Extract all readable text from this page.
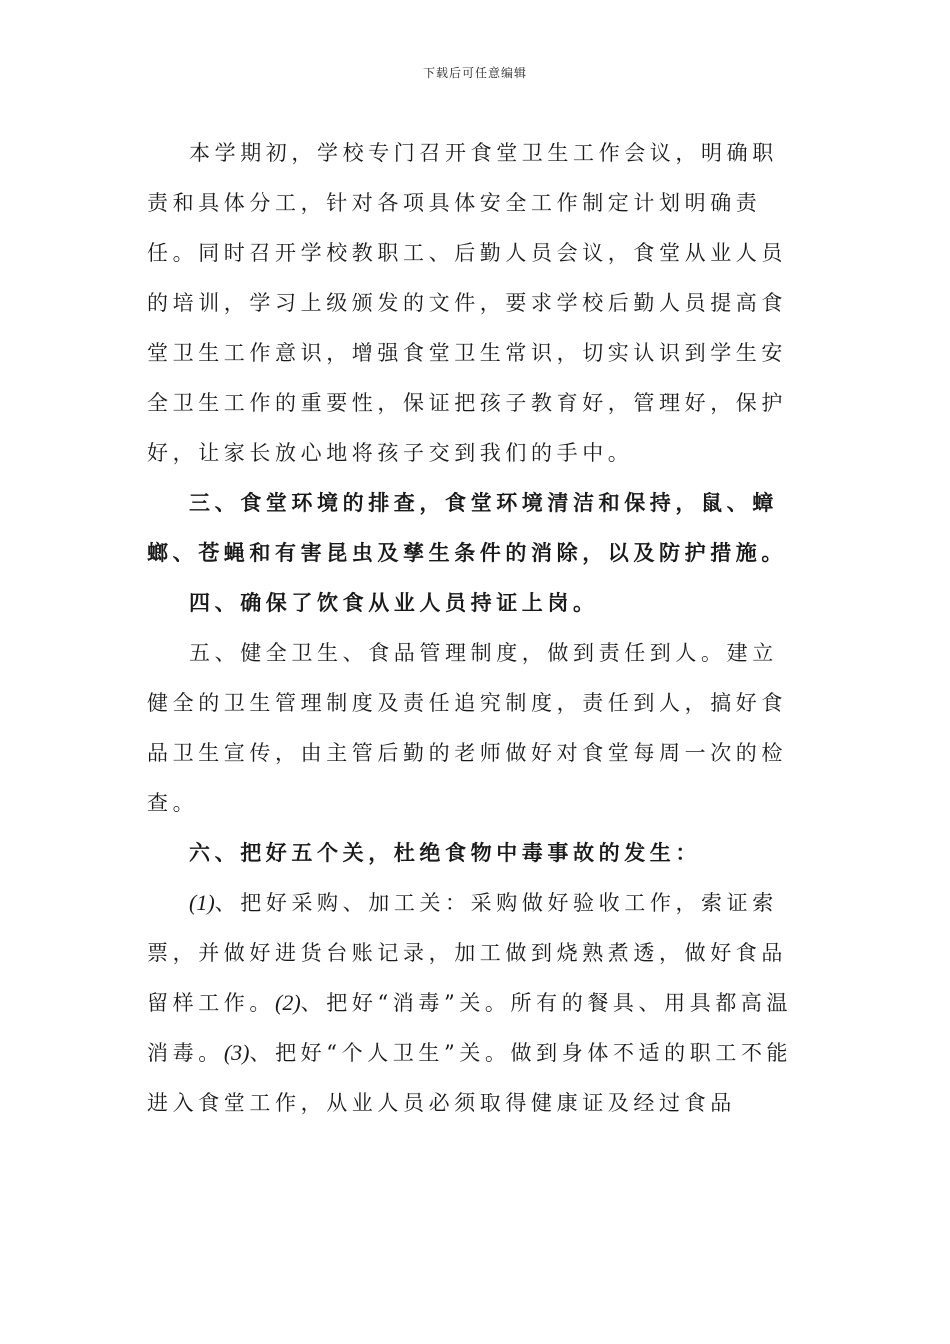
下载后可任意编辑

本学期初，学校专门召开食堂卫生工作会议，明确职责和具体分工，针对各项具体安全工作制定计划明确责任。同时召开学校教职工、后勤人员会议，食堂从业人员的培训，学习上级颁发的文件，要求学校后勤人员提高食堂卫生工作意识，增强食堂卫生常识，切实认识到学生安全卫生工作的重要性，保证把孩子教育好，管理好，保护好，让家长放心地将孩子交到我们的手中。

三、食堂环境的排查，食堂环境清洁和保持，鼠、蟑螂、苍蝇和有害昆虫及孳生条件的消除，以及防护措施。

四、确保了饮食从业人员持证上岗。

五、健全卫生、食品管理制度，做到责任到人。建立健全的卫生管理制度及责任追究制度，责任到人，搞好食品卫生宣传，由主管后勤的老师做好对食堂每周一次的检查。

六、把好五个关，杜绝食物中毒事故的发生：

(1)、把好采购、加工关：采购做好验收工作，索证索票，并做好进货台账记录，加工做到烧熟煮透，做好食品留样工作。(2)、把好“消毒”关。所有的餐具、用具都高温消毒。(3)、把好“个人卫生”关。做到身体不适的职工不能进入食堂工作，从业人员必须取得健康证及经过食品
